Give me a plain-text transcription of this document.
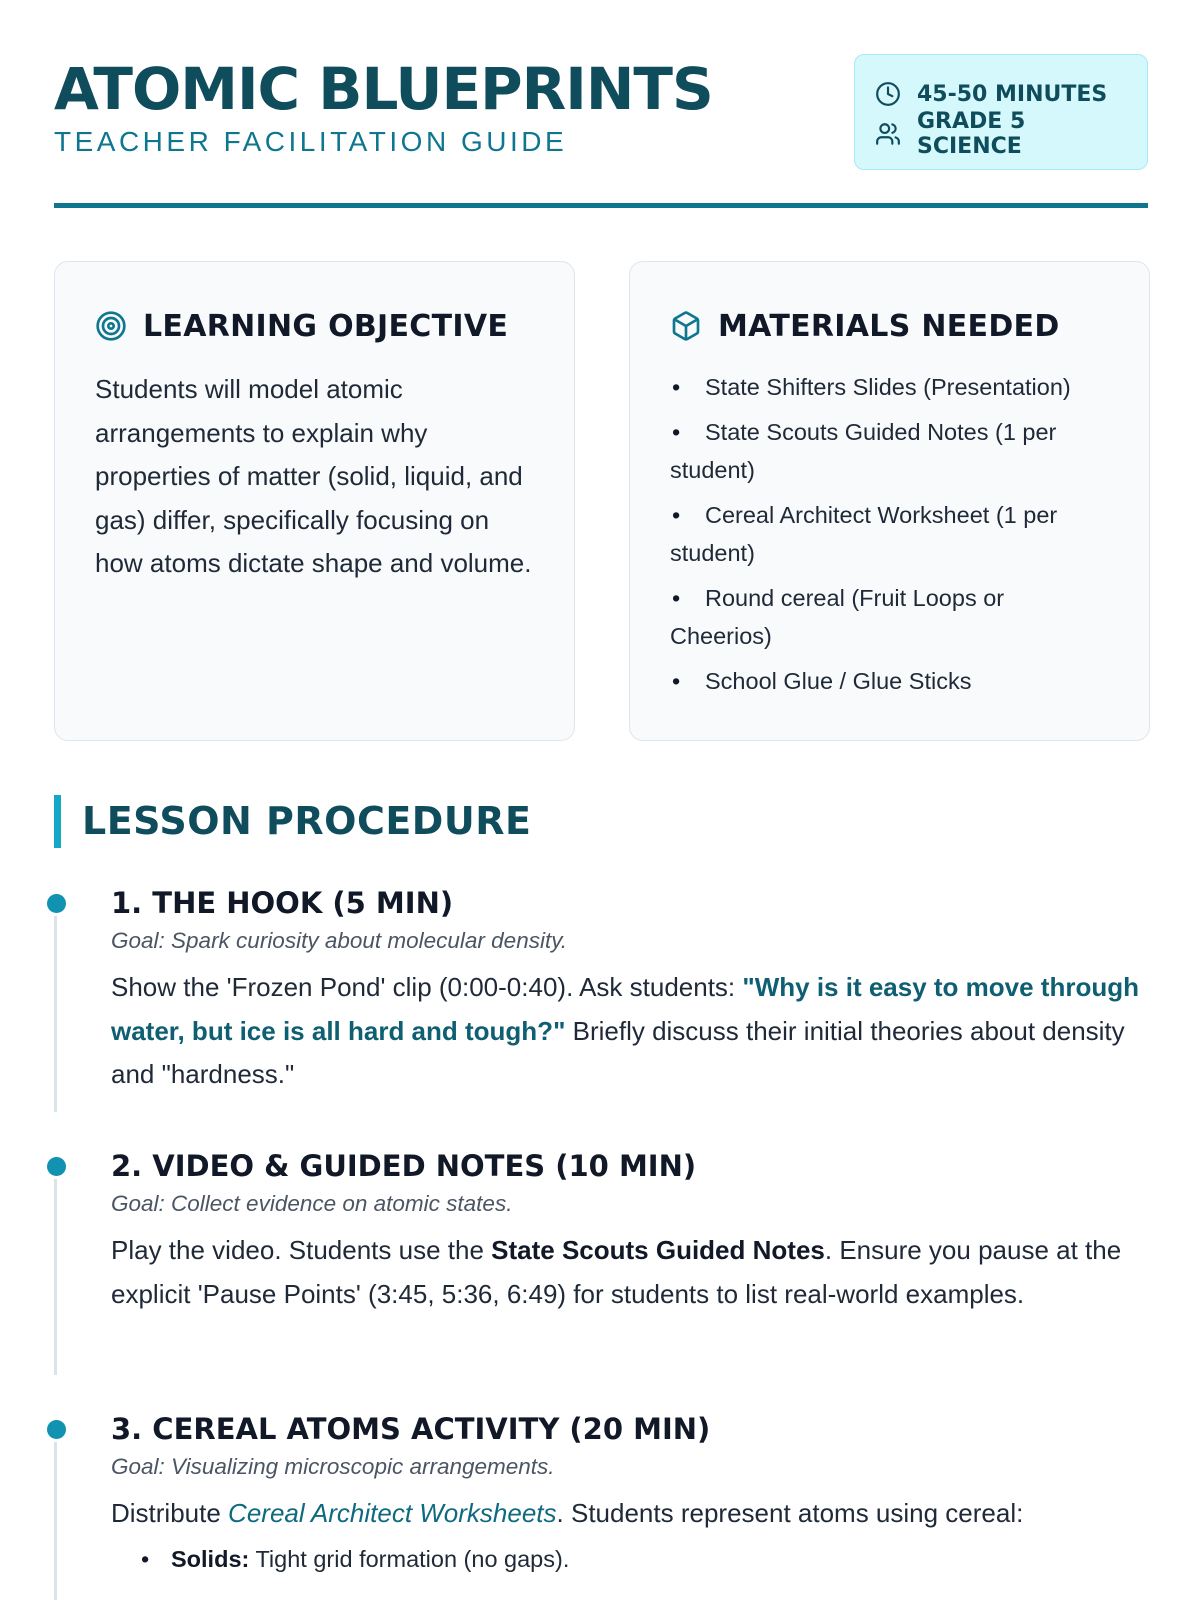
ATOMIC BLUEPRINTS
TEACHER FACILITATION GUIDE
45-50 MINUTES
GRADE 5 SCIENCE
LEARNING OBJECTIVE

Students will model atomic arrangements to explain why properties of matter (solid, liquid, and gas) differ, specifically focusing on how atoms dictate shape and volume.

MATERIALS NEEDED
• State Shifters Slides (Presentation)
• State Scouts Guided Notes (1 per student)
• Cereal Architect Worksheet (1 per student)
• Round cereal (Fruit Loops or Cheerios)
• School Glue / Glue Sticks
LESSON PROCEDURE
1. THE HOOK (5 MIN)
Goal: Spark curiosity about molecular density.

Show the 'Frozen Pond' clip (0:00-0:40). Ask students: "Why is it easy to move through water, but ice is all hard and tough?" Briefly discuss their initial theories about density and "hardness."

2. VIDEO & GUIDED NOTES (10 MIN)
Goal: Collect evidence on atomic states.

Play the video. Students use the State Scouts Guided Notes. Ensure you pause at the explicit 'Pause Points' (3:45, 5:36, 6:49) for students to list real-world examples.

3. CEREAL ATOMS ACTIVITY (20 MIN)
Goal: Visualizing microscopic arrangements.

Distribute Cereal Architect Worksheets. Students represent atoms using cereal:

• Solids: Tight grid formation (no gaps).
